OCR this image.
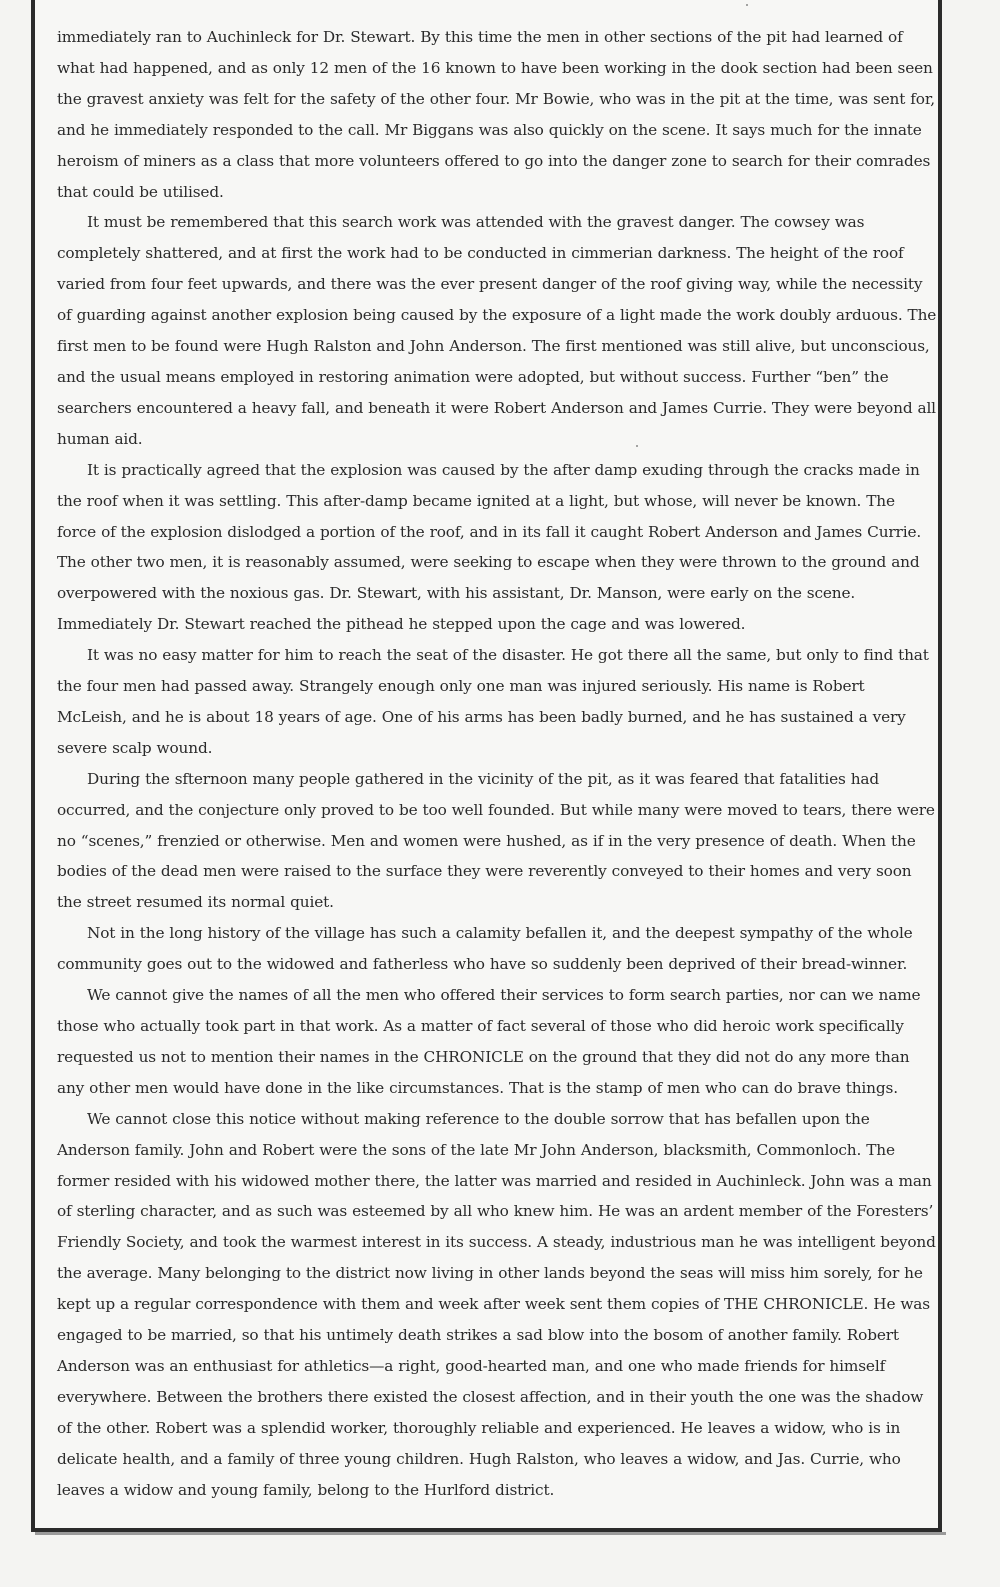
immediately ran to Auchinleck for Dr. Stewart. By this time the men in other sections of the pit had learned of what had happened, and as only 12 men of the 16 known to have been working in the dook section had been seen the gravest anxiety was felt for the safety of the other four. Mr Bowie, who was in the pit at the time, was sent for, and he immediately responded to the call. Mr Biggans was also quickly on the scene. It says much for the innate heroism of miners as a class that more volunteers offered to go into the danger zone to search for their comrades that could be utilised.

It must be remembered that this search work was attended with the gravest danger. The cowsey was completely shattered, and at first the work had to be conducted in cimmerian darkness. The height of the roof varied from four feet upwards, and there was the ever present danger of the roof giving way, while the necessity of guarding against another explosion being caused by the exposure of a light made the work doubly arduous. The first men to be found were Hugh Ralston and John Anderson. The first mentioned was still alive, but unconscious, and the usual means employed in restoring animation were adopted, but without success. Further “ben” the searchers encountered a heavy fall, and beneath it were Robert Anderson and James Currie. They were beyond all human aid.

It is practically agreed that the explosion was caused by the after damp exuding through the cracks made in the roof when it was settling. This after-damp became ignited at a light, but whose, will never be known. The force of the explosion dislodged a portion of the roof, and in its fall it caught Robert Anderson and James Currie. The other two men, it is reasonably assumed, were seeking to escape when they were thrown to the ground and overpowered with the noxious gas. Dr. Stewart, with his assistant, Dr. Manson, were early on the scene. Immediately Dr. Stewart reached the pithead he stepped upon the cage and was lowered.

It was no easy matter for him to reach the seat of the disaster. He got there all the same, but only to find that the four men had passed away. Strangely enough only one man was injured seriously. His name is Robert McLeish, and he is about 18 years of age. One of his arms has been badly burned, and he has sustained a very severe scalp wound.

During the sfternoon many people gathered in the vicinity of the pit, as it was feared that fatalities had occurred, and the conjecture only proved to be too well founded. But while many were moved to tears, there were no “scenes,” frenzied or otherwise. Men and women were hushed, as if in the very presence of death. When the bodies of the dead men were raised to the surface they were reverently conveyed to their homes and very soon the street resumed its normal quiet.

Not in the long history of the village has such a calamity befallen it, and the deepest sympathy of the whole community goes out to the widowed and fatherless who have so suddenly been deprived of their bread-winner.

We cannot give the names of all the men who offered their services to form search parties, nor can we name those who actually took part in that work. As a matter of fact several of those who did heroic work specifically requested us not to mention their names in the CHRONICLE on the ground that they did not do any more than any other men would have done in the like circumstances. That is the stamp of men who can do brave things.

We cannot close this notice without making reference to the double sorrow that has befallen upon the Anderson family. John and Robert were the sons of the late Mr John Anderson, blacksmith, Commonloch. The former resided with his widowed mother there, the latter was married and resided in Auchinleck. John was a man of sterling character, and as such was esteemed by all who knew him. He was an ardent member of the Foresters’ Friendly Society, and took the warmest interest in its success. A steady, industrious man he was intelligent beyond the average. Many belonging to the district now living in other lands beyond the seas will miss him sorely, for he kept up a regular correspondence with them and week after week sent them copies of THE CHRONICLE. He was engaged to be married, so that his untimely death strikes a sad blow into the bosom of another family. Robert Anderson was an enthusiast for athletics—a right, good-hearted man, and one who made friends for himself everywhere. Between the brothers there existed the closest affection, and in their youth the one was the shadow of the other. Robert was a splendid worker, thoroughly reliable and experienced. He leaves a widow, who is in delicate health, and a family of three young children. Hugh Ralston, who leaves a widow, and Jas. Currie, who leaves a widow and young family, belong to the Hurlford district.
